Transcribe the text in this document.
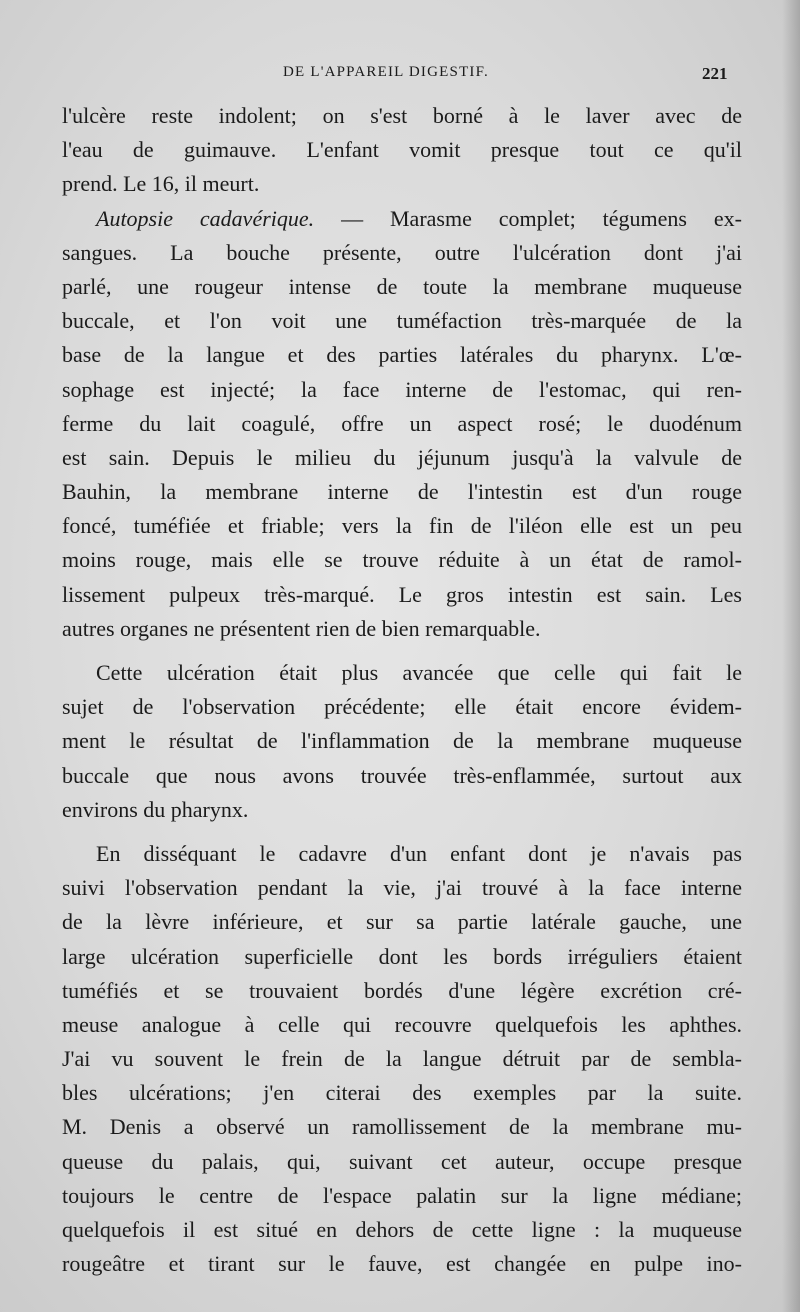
DE L'APPAREIL DIGESTIF.	221
l'ulcère reste indolent; on s'est borné à le laver avec de
l'eau de guimauve. L'enfant vomit presque tout ce qu'il
prend. Le 16, il meurt.
Autopsie cadavérique. — Marasme complet; tégumens ex-
sangues. La bouche présente, outre l'ulcération dont j'ai
parlé, une rougeur intense de toute la membrane muqueuse
buccale, et l'on voit une tuméfaction très-marquée de la
base de la langue et des parties latérales du pharynx. L'œ-
sophage est injecté; la face interne de l'estomac, qui ren-
ferme du lait coagulé, offre un aspect rosé; le duodénum
est sain. Depuis le milieu du jéjunum jusqu'à la valvule de
Bauhin, la membrane interne de l'intestin est d'un rouge
foncé, tuméfiée et friable; vers la fin de l'iléon elle est un peu
moins rouge, mais elle se trouve réduite à un état de ramol-
lissement pulpeux très-marqué. Le gros intestin est sain. Les
autres organes ne présentent rien de bien remarquable.
Cette ulcération était plus avancée que celle qui fait le
sujet de l'observation précédente; elle était encore évidem-
ment le résultat de l'inflammation de la membrane muqueuse
buccale que nous avons trouvée très-enflammée, surtout aux
environs du pharynx.
En disséquant le cadavre d'un enfant dont je n'avais pas
suivi l'observation pendant la vie, j'ai trouvé à la face interne
de la lèvre inférieure, et sur sa partie latérale gauche, une
large ulcération superficielle dont les bords irréguliers étaient
tuméfiés et se trouvaient bordés d'une légère excrétion cré-
meuse analogue à celle qui recouvre quelquefois les aphthes.
J'ai vu souvent le frein de la langue détruit par de sembla-
bles ulcérations; j'en citerai des exemples par la suite.
M. Denis a observé un ramollissement de la membrane mu-
queuse du palais, qui, suivant cet auteur, occupe presque
toujours le centre de l'espace palatin sur la ligne médiane;
quelquefois il est situé en dehors de cette ligne : la muqueuse
rougeâtre et tirant sur le fauve, est changée en pulpe ino-
